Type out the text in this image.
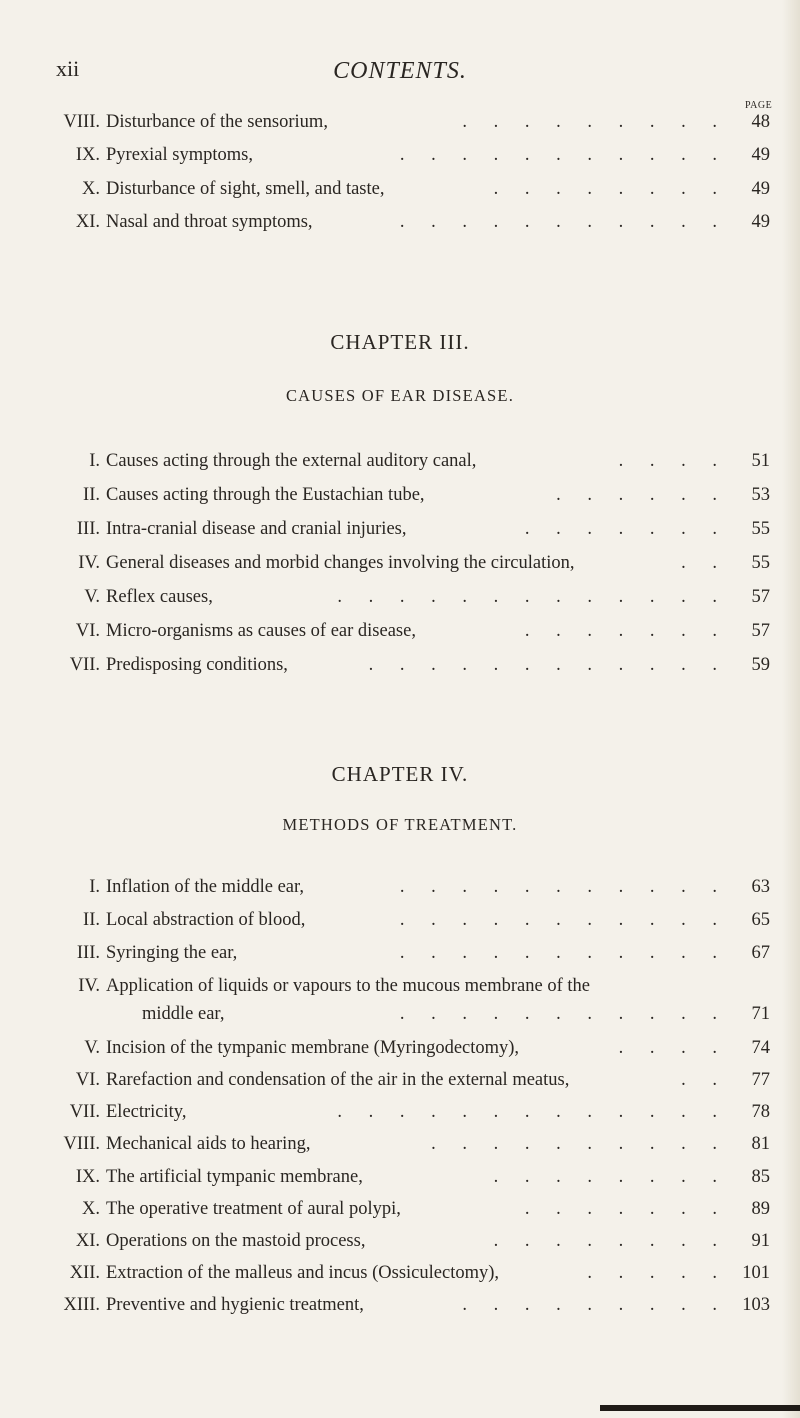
xii	CONTENTS.
PAGE
VIII. Disturbance of the sensorium,	. . . . . . . . .	48
IX. Pyrexial symptoms,	. . . . . . . . . . .	49
X. Disturbance of sight, smell, and taste,	. . . . . . . .	49
XI. Nasal and throat symptoms,	. . . . . . . . . . .	49
CHAPTER III.
CAUSES OF EAR DISEASE.
I. Causes acting through the external auditory canal,	. . . .	51
II. Causes acting through the Eustachian tube,	. . . . . .	53
III. Intra-cranial disease and cranial injuries,	. . . . . . .	55
IV. General diseases and morbid changes involving the circulation,	. .	55
V. Reflex causes,	. . . . . . . . . . . . .	57
VI. Micro-organisms as causes of ear disease,	. . . . . . .	57
VII. Predisposing conditions,	. . . . . . . . . . . .	59
CHAPTER IV.
METHODS OF TREATMENT.
I. Inflation of the middle ear,	. . . . . . . . . . .	63
II. Local abstraction of blood,	. . . . . . . . . . .	65
III. Syringing the ear,	. . . . . . . . . . .	67
IV. Application of liquids or vapours to the mucous membrane of the
middle ear,	. . . . . . . . . . .	71
V. Incision of the tympanic membrane (Myringodectomy),	. . . .	74
VI. Rarefaction and condensation of the air in the external meatus,	. .	77
VII. Electricity,	. . . . . . . . . . . . .	78
VIII. Mechanical aids to hearing,	. . . . . . . . . .	81
IX. The artificial tympanic membrane,	. . . . . . . .	85
X. The operative treatment of aural polypi,	. . . . . . .	89
XI. Operations on the mastoid process,	. . . . . . . .	91
XII. Extraction of the malleus and incus (Ossiculectomy),	. . . . . 101
XIII. Preventive and hygienic treatment,	. . . . . . . . . 103
